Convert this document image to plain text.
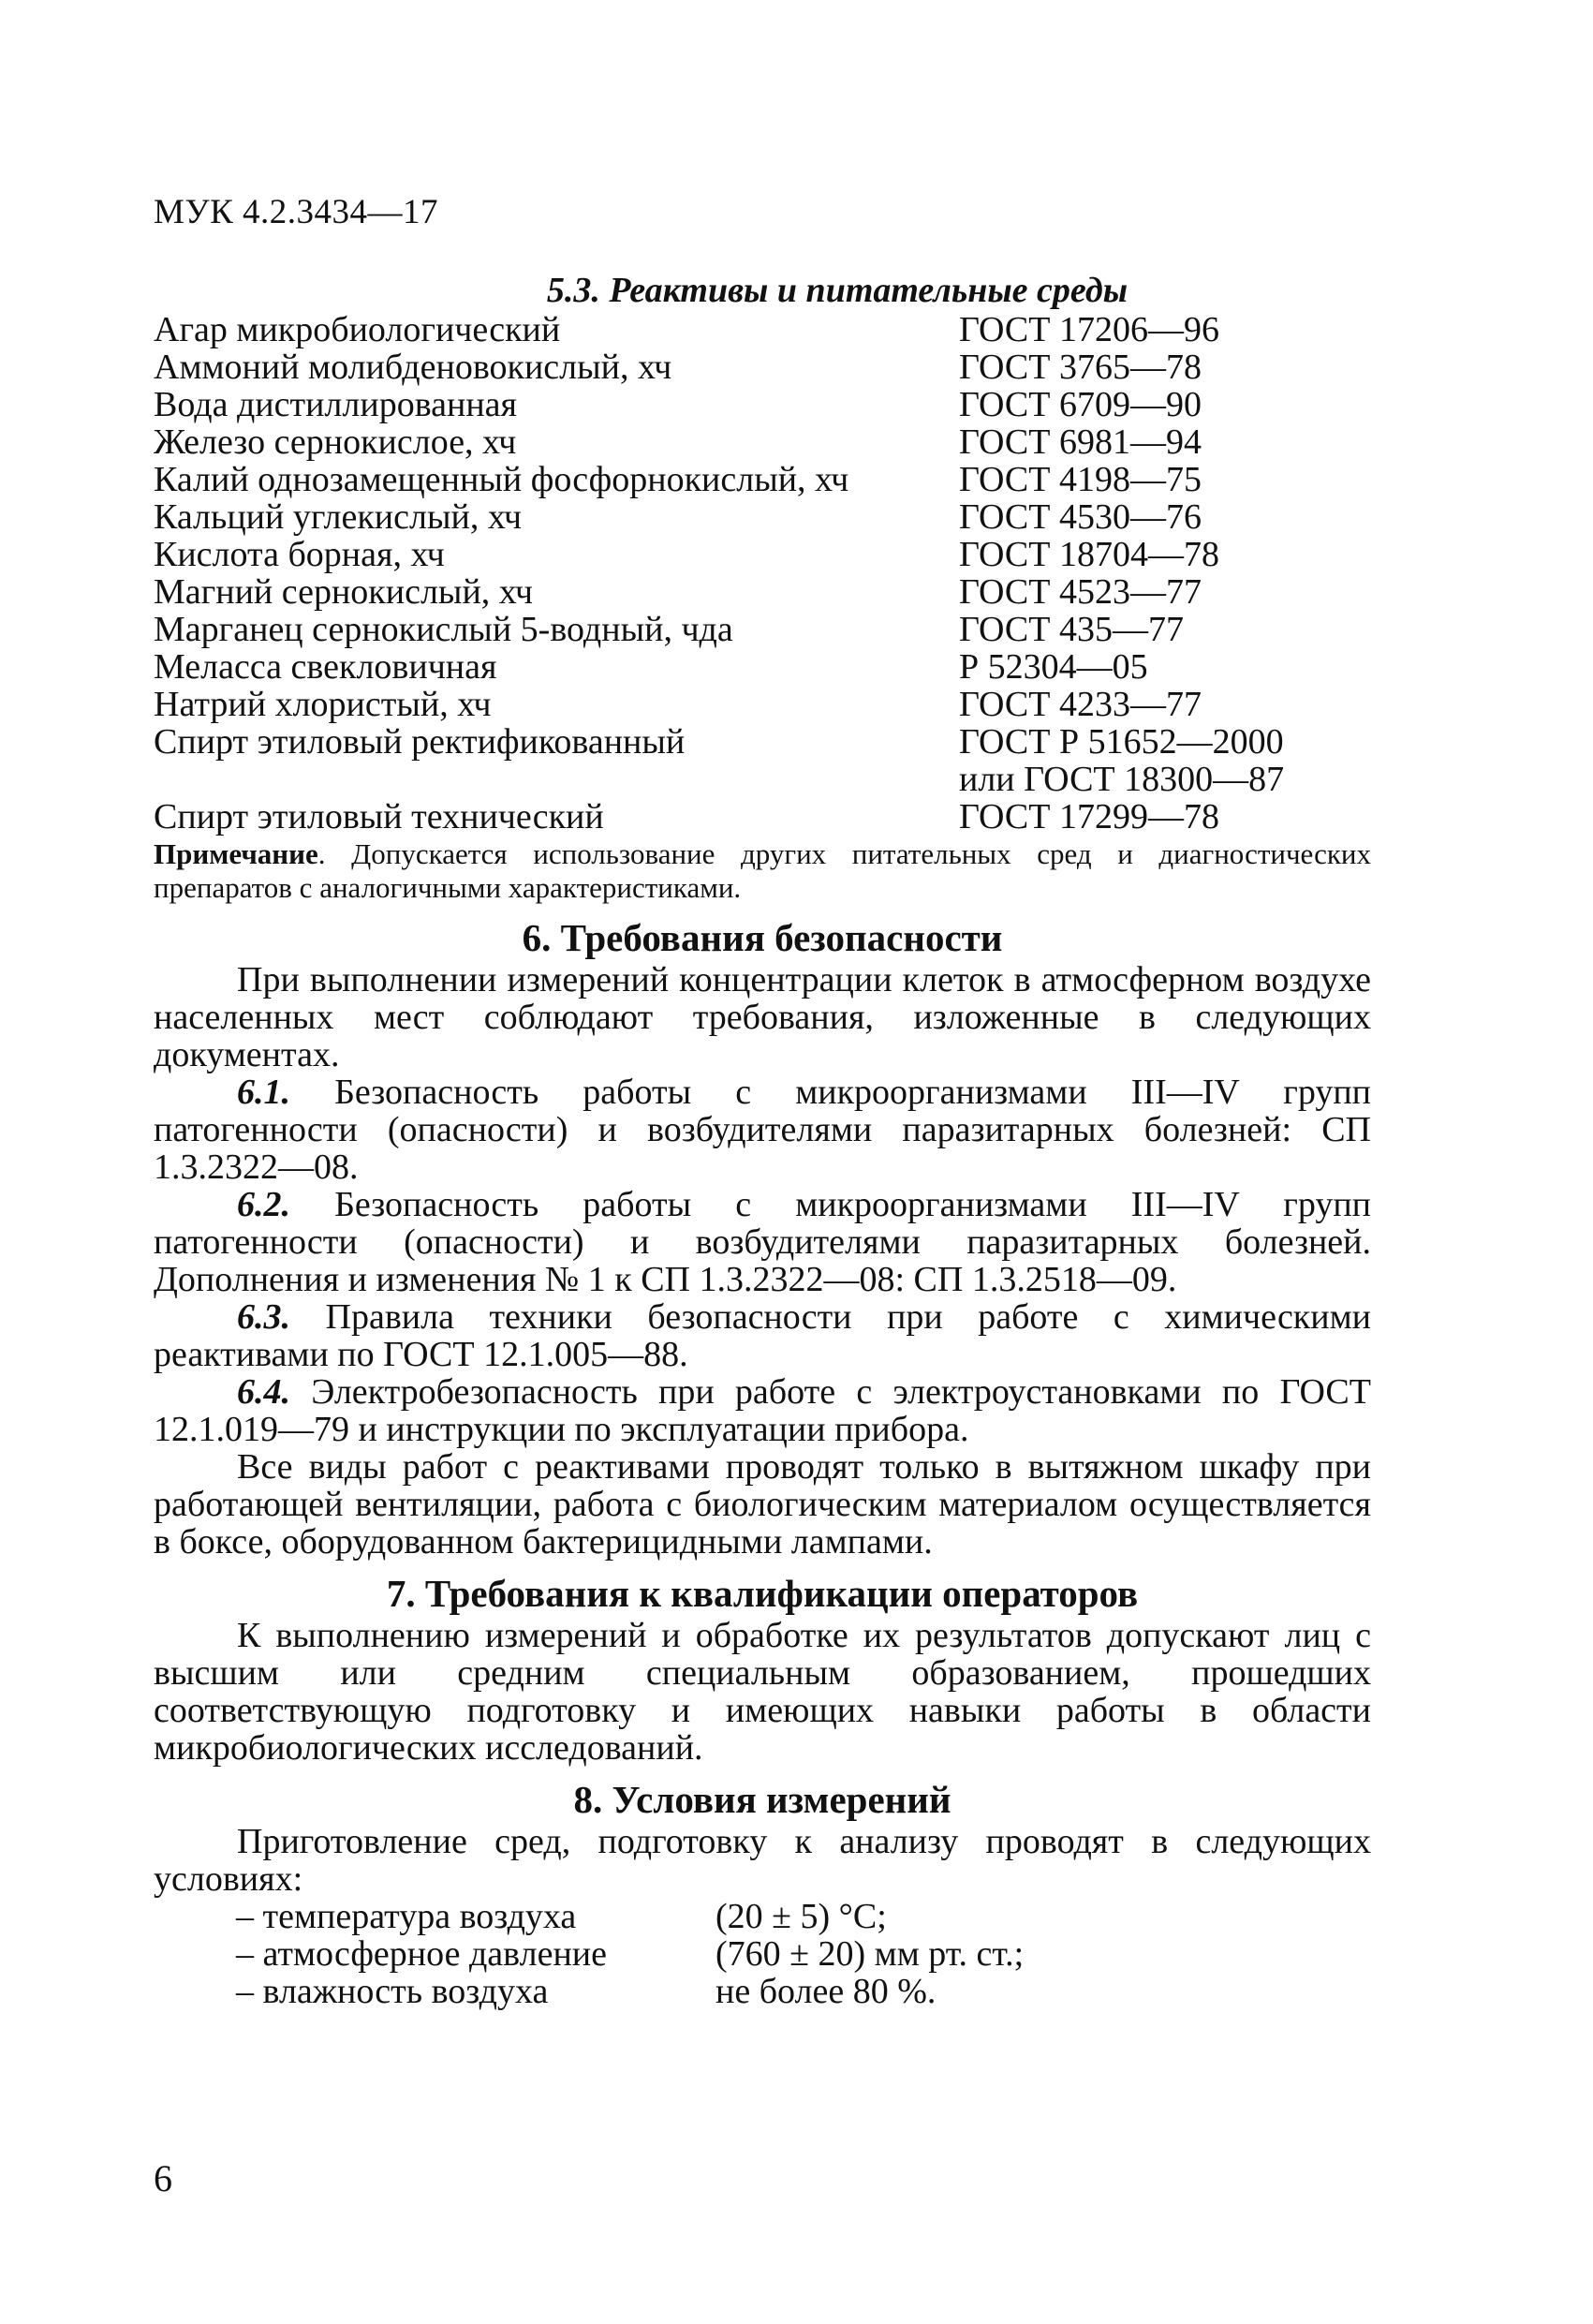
МУК 4.2.3434—17
5.3. Реактивы и питательные среды
Агар микробиологический	ГОСТ 17206—96
Аммоний молибденовокислый, хч	ГОСТ 3765—78
Вода дистиллированная	ГОСТ 6709—90
Железо сернокислое, хч	ГОСТ 6981—94
Калий однозамещенный фосфорнокислый, хч	ГОСТ 4198—75
Кальций углекислый, хч	ГОСТ 4530—76
Кислота борная, хч	ГОСТ 18704—78
Магний сернокислый, хч	ГОСТ 4523—77
Марганец сернокислый 5-водный, чда	ГОСТ 435—77
Меласса свекловичная	Р 52304—05
Натрий хлористый, хч	ГОСТ 4233—77
Спирт этиловый ректификованный	ГОСТ Р 51652—2000
или ГОСТ 18300—87
Спирт этиловый технический	ГОСТ 17299—78
Примечание. Допускается использование других питательных сред и диагностических препаратов с аналогичными характеристиками.
6. Требования безопасности

При выполнении измерений концентрации клеток в атмосферном воздухе населенных мест соблюдают требования, изложенные в следующих документах.

6.1. Безопасность работы с микроорганизмами III—IV групп патогенности (опасности) и возбудителями паразитарных болезней: СП 1.3.2322—08.

6.2. Безопасность работы с микроорганизмами III—IV групп патогенности (опасности) и возбудителями паразитарных болезней. Дополнения и изменения № 1 к СП 1.3.2322—08: СП 1.3.2518—09.

6.3. Правила техники безопасности при работе с химическими реактивами по ГОСТ 12.1.005—88.

6.4. Электробезопасность при работе с электроустановками по ГОСТ 12.1.019—79 и инструкции по эксплуатации прибора.

Все виды работ с реактивами проводят только в вытяжном шкафу при работающей вентиляции, работа с биологическим материалом осуществляется в боксе, оборудованном бактерицидными лампами.

7. Требования к квалификации операторов

К выполнению измерений и обработке их результатов допускают лиц с высшим или средним специальным образованием, прошедших соответствующую подготовку и имеющих навыки работы в области микробиологических исследований.

8. Условия измерений

Приготовление сред, подготовку к анализу проводят в следующих условиях:

– температура воздуха	(20 ± 5) °С;
– атмосферное давление	(760 ± 20) мм рт. ст.;
– влажность воздуха	не более 80 %.
6
